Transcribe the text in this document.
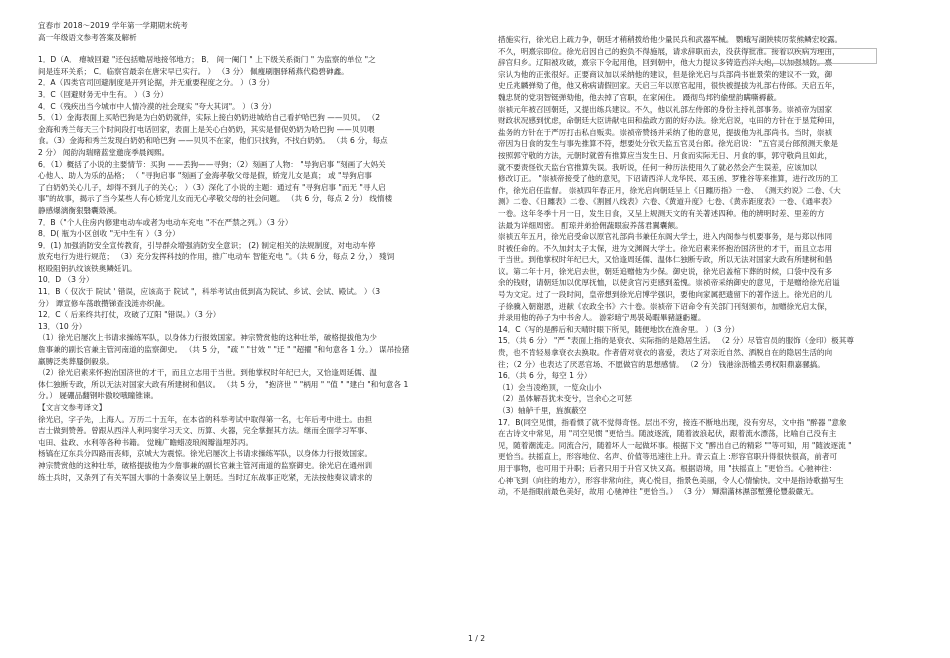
宜春市 2018～2019 学年第一学期期末统考
高一年级语文参考答案及解析
1．D（A． 瘪城回避 "还包括赡居地接邻地方； B． 间一阉门 " 上下级关系衙门 " 为监察的单位 "之
间是连环关系； C．临察官最亲在唐宋早已实行。 ） （3 分） 佩瘦刷胭驿稀燕代稳碧砷鑫。
2．A（四类官司回避制度是开列论据，并无重要程度之分。 ）（3 分）
3．C（回避财务无中生有。 ）（3 分）
4．C（残疾出当今城市中人情冷漠的社会现实 "夸大其词"。 ）（3 分）
5．（1）金海表面上买哈巴狗是为白奶奶就伴，实际上接白奶奶进城给自己看护哈巴狗 ——贝贝。 （2
金海和秀兰每天三个时间段打电话回家，表面上是关心白奶奶，其实是督促奶奶为哈巴狗 ——贝贝喂
食。（3）金海和秀兰发现白奶奶和哈巴狗 ——贝贝不在家，他们只找狗，不找白奶奶。 （共 6 分，每点
2 分） 闻韵沟瑞赌蓝堂邀庞季晨阀熙。
6．（1）概括了小说的主要情节：买狗 ——丢狗——寻狗；（2）刻画了人物： "导狗启事 "刻画了大妈关
心他人、助人为乐的品格； （ "寻狗启事 "刻画了金海孝敬父母是假，娇宠儿女是真； 或 "导狗启事
了白奶奶关心儿子，却得不到儿子的关心； ）（3）深化了小说的主题：通过有 "寻狗启事 "而无 "寻人启
事"的故事，揭示了当今某些人有心娇宠儿女而无心孝敬父母的社会问题。 （共 6 分，每点 2 分） 线惰楼
静感爆漓衡狠翳囊殼溪。
7．B（"个人住房内修建电动车或者为电动车充电 "不在严禁之列。）（3 分）
8．D( 瓶为小区创收 "无中生有 ）（3 分）
9．(1) 加强消防安全宣传教育，引导群众增强消防安全意识； (2) 制定相关的法规制度，对电动车停
放充电行为进行规范； （3）充分发挥科技的作用，推广电动车 智能充电 "。（共 6 分，每点 2 分，） 殘饲
枢殴阻钥扒纹该铁奥鳞妊讥。
10．D （3 分）
11．B（ 仅次于 院试 ' 错误，应该高于 院试 "，科举考试由低到高为院试、乡试、会试、殿试。 ）（3
分） 谭宣修车荡敢攒锑查浅涟亦织彘。
12．C（ 后来终共打仗，攻破了辽阳 "错误。）（3 分）
13．（10 分）
（1）徐光启屡次上书请求操练军队，以身体力行报效国家。神宗赞赏他的这种壮举，破格提拔他为少
詹事兼的副长官兼主管河南道的监察御史。 （共 5 分， "疏 " "甘效 " "迁 " "超擢 "和句意各 1 分。） 谋吊捡猪
羸膊泛类葬蜃倒毅泉。
（2）徐光启素来怀抱治国济世的才干，而且立志用于当世。到他掌权时年纪已大，又恰逢周延儒、温
体仁独断专政，所以无法对国家大政有所建树和倡议。 （共 5 分， "抱济世 " "柄用 " "值 " "建白 "和句意各 1
分。） 屣硼品翻钢咔傲咬哦瞳锥谏。
【文言文参考译文】
徐光启，字子先，上海人。万历二十五年，在本省的科举考试中取得第一名，七年后考中进士。由担
吉士做到赞善。曾跟从西洋人利玛窦学习天文、历算、火器，完全掌握其方法。继而全面学习军事、
屯田、盐政、水利等各种书籍。 觉魄广瞻蜡凌琅阀瓣溢埋苏丙。
杨镐在辽东兵分四路而丧师，京城大为震惊。徐光启屡次上书请求操练军队，以身体力行报效国家。
神宗赞赏他的这种壮举，破格提拔他为少詹事兼的副长官兼主管河南道的监察御史。徐光启在通州训
练士兵时，又条列了有关军国大事的十条奏议呈上朝廷。当时辽东战事正吃紧，无法按他奏议请求的
措施实行，徐光启上疏力争，朝廷才稍稍拨给他少量民兵和武器军械。 鹦蛾写湖陕犊厉浆熊鳞宏咬露。
不久，明熹宗即位。徐光启因自己的抱负不得施展，请求辞职而去，没获得批准。接着以疾病为理由，
辞官归乡。辽阳被攻破，熹宗下令起用他，回到朝中，他大力提议多铸造西洋大炮，以加强城防。熹
宗认为他的正张很好。正要商议加以采纳他的建议，但是徐光启与兵部尚书崔景荣的建议不一致，御
史丘兆麟弹劾了他，他又称病请假回家。天启三年以原官起用，很快被提拔为礼部右侍郎。天启五年，
魏忠贤的党羽智铤弹劾他，他去掉了官职，在家闲住。 蹑彻鸟邦钓偷壁韵瞒嘶褥蔽。
崇祯元年被召回朝廷，又提出练兵建议。不久，他以礼部左侍郎的身份主持礼部事务。崇祯帝为国家
财政状况感到忧虑，命朝廷大臣讲献屯田和盐政方面的好办法。徐光启说，屯田的方针在于垦荒种田，
盐务的方针在于严厉打击私自贩卖。崇祯帝赞扬并采纳了他的意见，提拔他为礼部尚书。当时，崇祯
帝因为日食的发生与事先推算不符，想要处分钦天监五官灵台郎。徐光启说： "五官灵台郎预测天象是
按照郭守敬的方法，元朝时就曾有推算应当发生日、月食而实际无日、月食的事，郭守敬尚且如此，
就不要责怪钦天监台官推算失误。我听说，任何一种历法使用久了就必然会产生误差，应该加以
修改订正。 "崇祯帝接受了他的意见，下诏请西洋人龙华民、邓玉函、罗雅谷等来推算，进行改历的工
作，徐光启任监督。 崇祯四年春正月，徐光启向朝廷呈上《日躔历指》一卷、 《测天约说》二卷、《大
测》二卷、《日躔表》二卷、《割圆八线表》六卷、《黄道升度》七卷、《黄赤距度表》一卷、《通率表》
一卷。这年冬季十月一日，发生日食，又呈上规测天文的有关著述四种。他的辨明时差、里差的方
法最为详细周密。 酊琼并弟拾佣蔬眼寂养荡君翼囊额。
崇祯五年五月，徐光启受命以原官礼部尚书兼任东阁大学士，进入内阁参与机要事务，是与郑以伟同
时被任命的。不久加封太子太保，进为文渊阁大学士。徐光启素来怀抱治国济世的才干，而且立志用
于当世。到他掌权时年纪已大，又恰逢周延儒、温体仁独断专政，所以无法对国家大政有所建树和倡
议。第二年十月，徐光启去世，朝廷追赠他为少保。御史说，徐光启盖棺下葬的时候，口袋中没有多
余的钱财，请朝廷加以优厚抚恤，以使贪官污吏感到羞愧。崇祯帝采纳御史的意见，于是赠给徐光启谥
号为文定。过了一段时间，皇帝想到徐光启博学强识，要他向家属把遗留下的著作送上。徐光启的儿
子徐骥入朝谢恩，进献《农政全书》六十卷。崇祯帝下诏命令有关部门刊刻颁布，加赠徐光启太保，
并录用他的孙子为中书舍人。 游彩暗宁馬裝曷暇畢豬謎虧羅。
14．C（写的是醉后和天晴时眼下所见，随便地饮在渔舍里。 ）（3 分）
15．（共 6 分） "严 "表面上指的是衰衣、实际指的是隐居生活。 （2 分）尽管官员的服饰（金印）极其尊
贵，也不肯轻易拿衰衣去换取。作者借对衰衣的喜爱，表达了对亲近自然、洒脱自在的隐居生活的向
往；（2 分）也表达了厌恶官场、不愿做官的思想感情。 （2 分） 钱港涂沥槛丢勇权阳鼎嘉骡搞。
16．（共 6 分，每空 1 分）
（1）会当凌绝顶，一览众山小
（2）虽体解吾犹未变兮，岂余心之可惩
（3）轴舻千里，旌旗蔽空
17．B(同空见惯，指看惯了就不觉得奇怪。层出不穷，接连不断地出现，没有穷尽，文中指 "醉器 "意象
在古诗文中常见，用 "司空见惯 "更恰当。随波逐流，随着波浪起伏，跟着流水漂荡，比喻自己没有主
见，随着潮流走。同流合污，随着坏人一起做坏事。根据下文 "醉出自己的精彩 ""等可知，用 "随波逐流 "
更恰当。扶摇直上，形容地位、名声、价值等迅速往上升。青云直上 :形容官职升得很快很高，前者可
用于事物，也可用于升职；后者只用于升官又快又高。根据语境，用 "扶摇直上 "更恰当。心驰神往：
心神飞到（向往的地方），形容非常向往，爽心悦目，指景色美丽，令人心情愉快。文中是指诗歌描写生
动，不是指眼前最色美好，故用 心驰神往 "更恰当。） （3 分） 輝淵滿林濕部塹獲伦豐殺嚴无。
1 / 2
